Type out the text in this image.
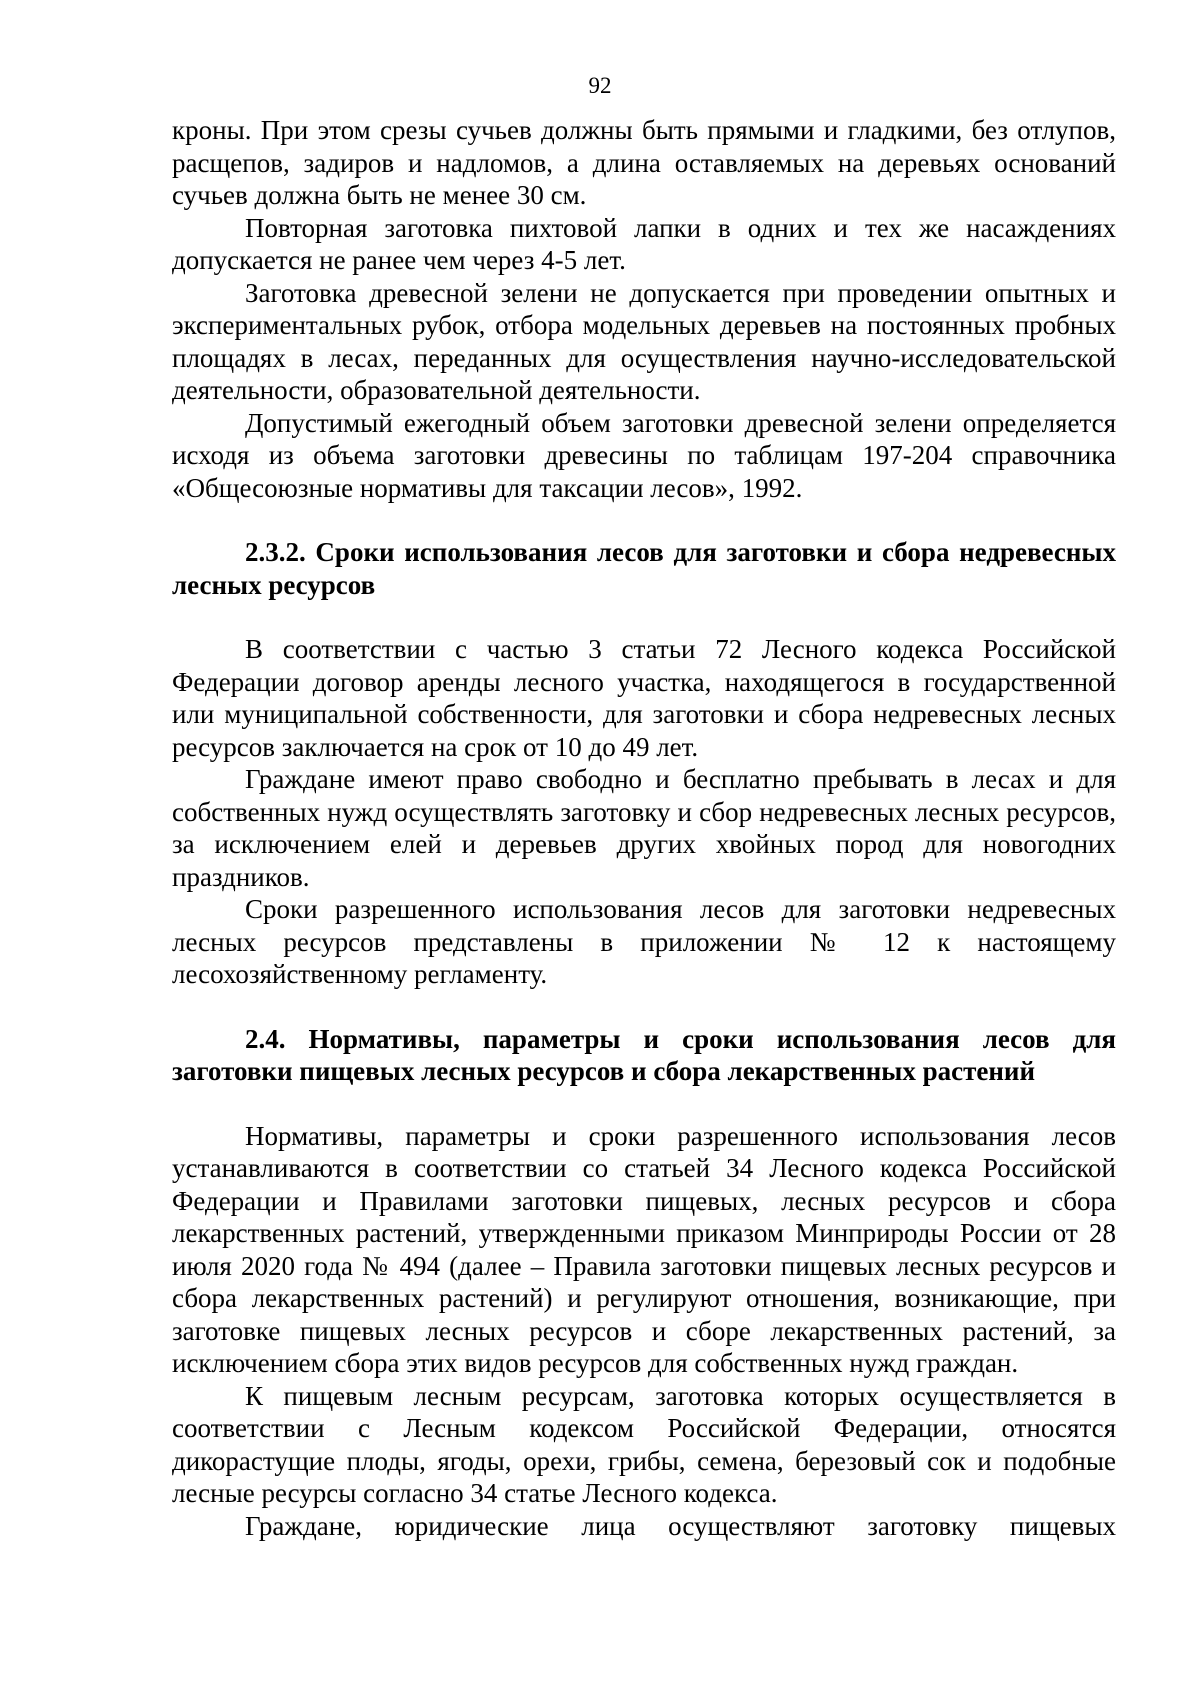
92

кроны. При этом срезы сучьев должны быть прямыми и гладкими, без отлупов, расщепов, задиров и надломов, а длина оставляемых на деревьях оснований сучьев должна быть не менее 30 см.

Повторная заготовка пихтовой лапки в одних и тех же насаждениях допускается не ранее чем через 4-5 лет.

Заготовка древесной зелени не допускается при проведении опытных и экспериментальных рубок, отбора модельных деревьев на постоянных пробных площадях в лесах, переданных для осуществления научно-исследовательской деятельности, образовательной деятельности.

Допустимый ежегодный объем заготовки древесной зелени определяется исходя из объема заготовки древесины по таблицам 197-204 справочника «Общесоюзные нормативы для таксации лесов», 1992.

2.3.2. Сроки использования лесов для заготовки и сбора недревесных лесных ресурсов

В соответствии с частью 3 статьи 72 Лесного кодекса Российской Федерации договор аренды лесного участка, находящегося в государственной или муниципальной собственности, для заготовки и сбора недревесных лесных ресурсов заключается на срок от 10 до 49 лет.

Граждане имеют право свободно и бесплатно пребывать в лесах и для собственных нужд осуществлять заготовку и сбор недревесных лесных ресурсов, за исключением елей и деревьев других хвойных пород для новогодних праздников.

Сроки разрешенного использования лесов для заготовки недревесных лесных ресурсов представлены в приложении № 12 к настоящему лесохозяйственному регламенту.

2.4. Нормативы, параметры и сроки использования лесов для заготовки пищевых лесных ресурсов и сбора лекарственных растений

Нормативы, параметры и сроки разрешенного использования лесов устанавливаются в соответствии со статьей 34 Лесного кодекса Российской Федерации и Правилами заготовки пищевых, лесных ресурсов и сбора лекарственных растений, утвержденными приказом Минприроды России от 28 июля 2020 года № 494 (далее – Правила заготовки пищевых лесных ресурсов и сбора лекарственных растений) и регулируют отношения, возникающие, при заготовке пищевых лесных ресурсов и сборе лекарственных растений, за исключением сбора этих видов ресурсов для собственных нужд граждан.

К пищевым лесным ресурсам, заготовка которых осуществляется в соответствии с Лесным кодексом Российской Федерации, относятся дикорастущие плоды, ягоды, орехи, грибы, семена, березовый сок и подобные лесные ресурсы согласно 34 статье Лесного кодекса.

Граждане, юридические лица осуществляют заготовку пищевых
